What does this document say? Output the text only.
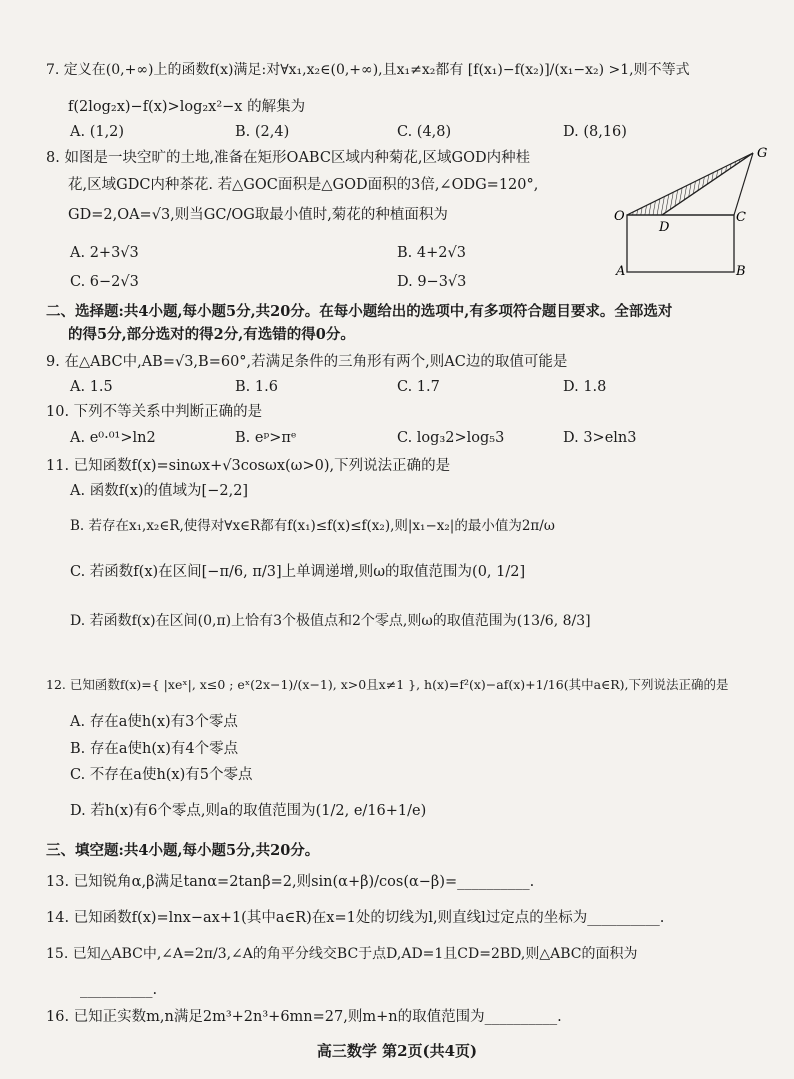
7. 定义在(0,+∞)上的函数f(x)满足:对∀x₁,x₂∈(0,+∞),且x₁≠x₂都有 [f(x₁)−f(x₂)]/(x₁−x₂) >1,则不等式
f(2log₂x)−f(x)>log₂x²−x 的解集为
A. (1,2)	B. (2,4)	C. (4,8)	D. (8,16)
8. 如图是一块空旷的土地,准备在矩形OABC区域内种菊花,区域GOD内种桂
花,区域GDC内种茶花. 若△GOC面积是△GOD面积的3倍,∠ODG=120°,
GD=2,OA=√3,则当GC/OG取最小值时,菊花的种植面积为
A. 2+3√3	B. 4+2√3
C. 6−2√3	D. 9−3√3
O
D
C
G
A	B
二、选择题:共4小题,每小题5分,共20分。在每小题给出的选项中,有多项符合题目要求。全部选对
的得5分,部分选对的得2分,有选错的得0分。
9. 在△ABC中,AB=√3,B=60°,若满足条件的三角形有两个,则AC边的取值可能是
A. 1.5	B. 1.6	C. 1.7	D. 1.8
10. 下列不等关系中判断正确的是
A. e⁰·⁰¹>ln2	B. eᵖ>πᵉ	C. log₃2>log₅3	D. 3>eln3
11. 已知函数f(x)=sinωx+√3cosωx(ω>0),下列说法正确的是
A. 函数f(x)的值域为[−2,2]
B. 若存在x₁,x₂∈R,使得对∀x∈R都有f(x₁)≤f(x)≤f(x₂),则|x₁−x₂|的最小值为2π/ω
C. 若函数f(x)在区间[−π/6, π/3]上单调递增,则ω的取值范围为(0, 1/2]
D. 若函数f(x)在区间(0,π)上恰有3个极值点和2个零点,则ω的取值范围为(13/6, 8/3]
12. 已知函数f(x)={ |xeˣ|, x≤0 ; eˣ(2x−1)/(x−1), x>0且x≠1 }, h(x)=f²(x)−af(x)+1/16(其中a∈R),下列说法正确的是
A. 存在a使h(x)有3个零点
B. 存在a使h(x)有4个零点
C. 不存在a使h(x)有5个零点
D. 若h(x)有6个零点,则a的取值范围为(1/2, e/16+1/e)
三、填空题:共4小题,每小题5分,共20分。
13. 已知锐角α,β满足tanα=2tanβ=2,则sin(α+β)/cos(α−β)=__________.
14. 已知函数f(x)=lnx−ax+1(其中a∈R)在x=1处的切线为l,则直线l过定点的坐标为__________.
15. 已知△ABC中,∠A=2π/3,∠A的角平分线交BC于点D,AD=1且CD=2BD,则△ABC的面积为
__________.
16. 已知正实数m,n满足2m³+2n³+6mn=27,则m+n的取值范围为__________.
高三数学 第2页(共4页)
